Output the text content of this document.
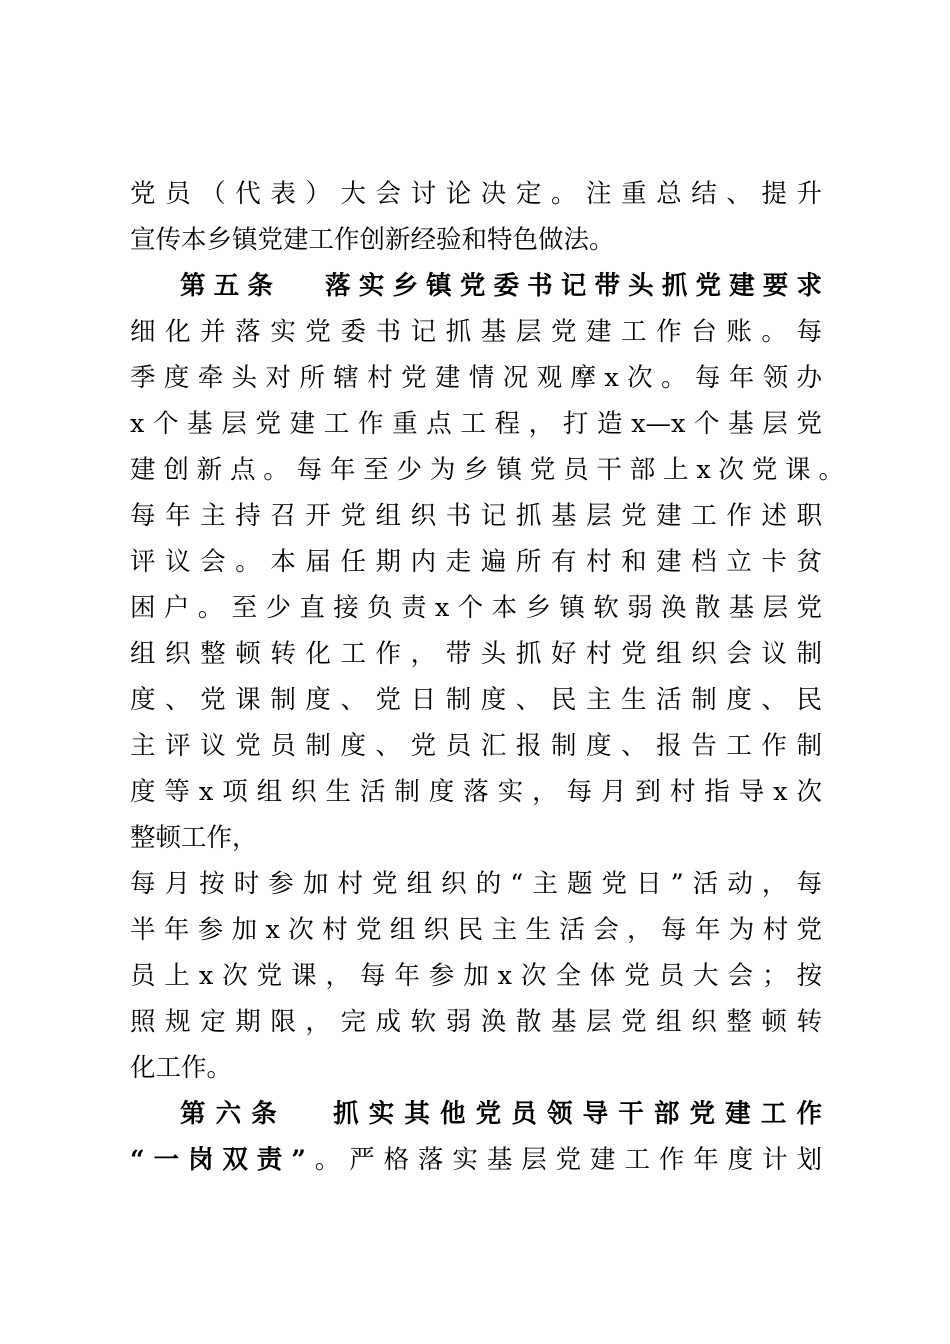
党员（代表）大会讨论决定。注重总结、提升
宣传本乡镇党建工作创新经验和特色做法。
第五条 落实乡镇党委书记带头抓党建要求
细化并落实党委书记抓基层党建工作台账。每
季度牵头对所辖村党建情况观摩x次。每年领办
x个基层党建工作重点工程，打造x—x个基层党
建创新点。每年至少为乡镇党员干部上x次党课。
每年主持召开党组织书记抓基层党建工作述职
评议会。本届任期内走遍所有村和建档立卡贫
困户。至少直接负责x个本乡镇软弱涣散基层党
组织整顿转化工作，带头抓好村党组织会议制
度、党课制度、党日制度、民主生活制度、民
主评议党员制度、党员汇报制度、报告工作制
度等x项组织生活制度落实，每月到村指导x次
整顿工作，
每月按时参加村党组织的“主题党日”活动，每
半年参加x次村党组织民主生活会，每年为村党
员上x次党课，每年参加x次全体党员大会；按
照规定期限，完成软弱涣散基层党组织整顿转
化工作。
第六条 抓实其他党员领导干部党建工作
“一岗双责”。严格落实基层党建工作年度计划
